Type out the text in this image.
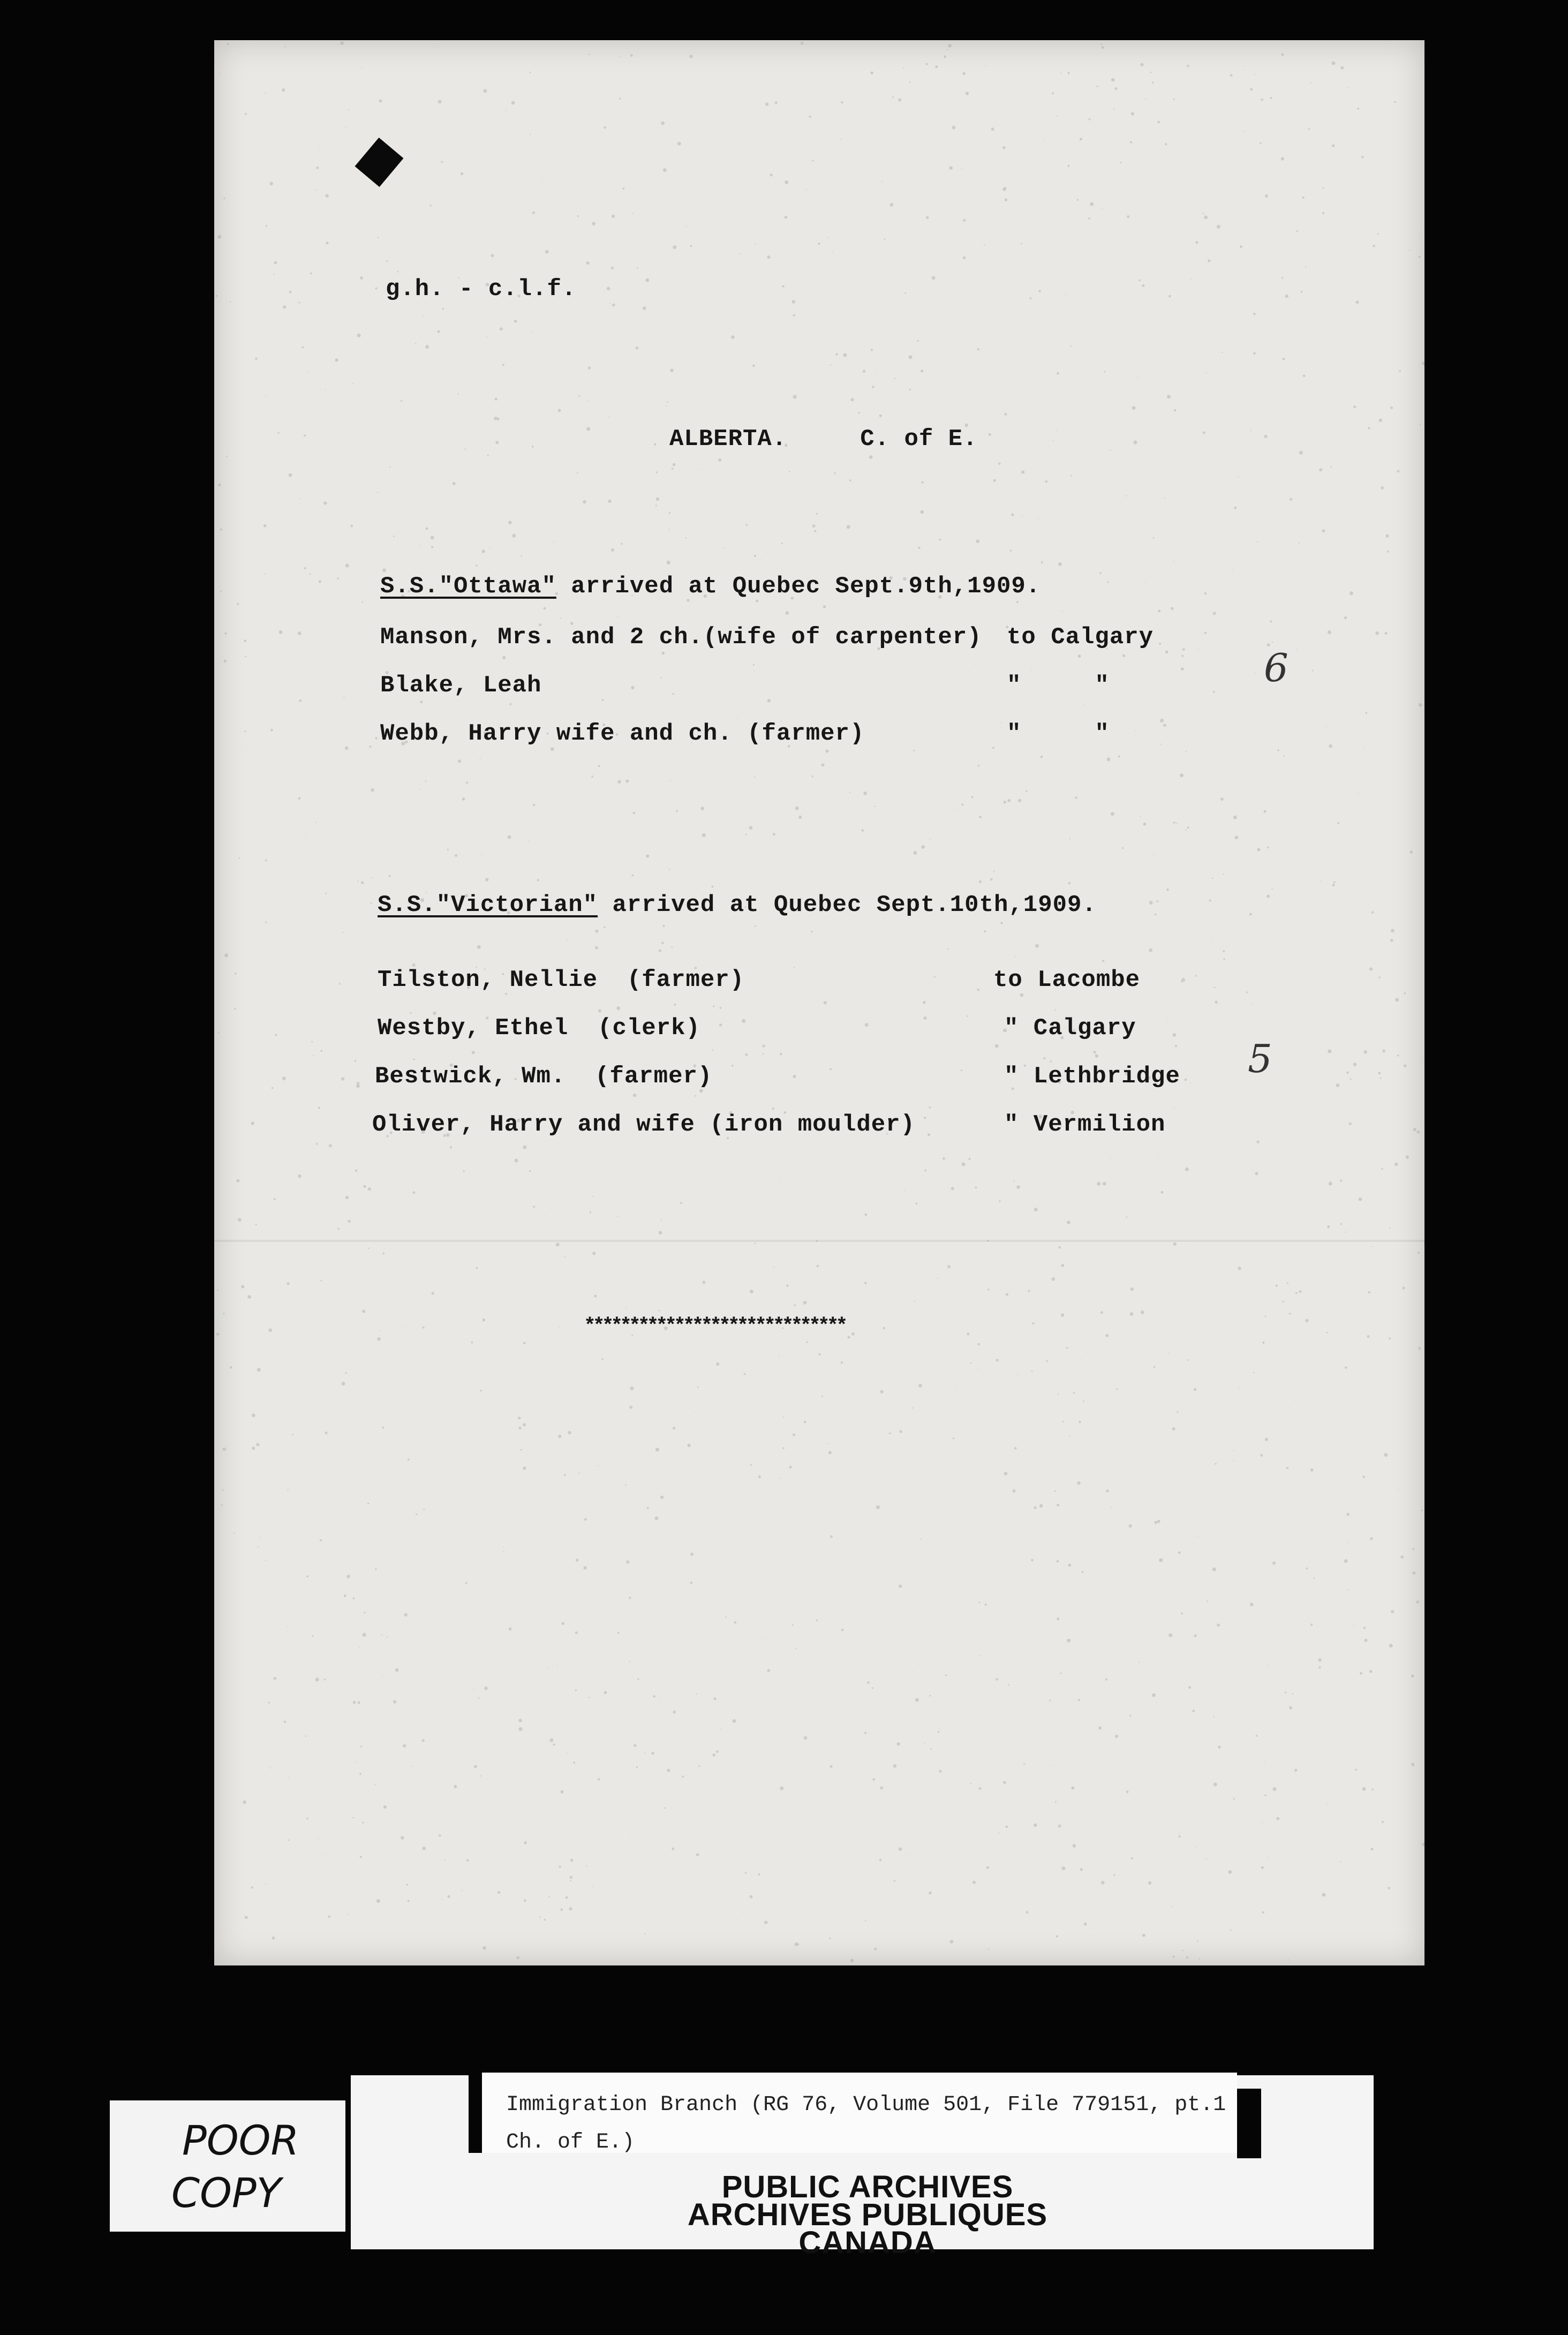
g.h. - c.l.f.
ALBERTA.     C. of E.
S.S."Ottawa" arrived at Quebec Sept.9th,1909.
Manson, Mrs. and 2 ch.(wife of carpenter) to Calgary
Blake, Leah	"     "
Webb, Harry wife and ch. (farmer)	"     "
6
S.S."Victorian" arrived at Quebec Sept.10th,1909.
Tilston, Nellie  (farmer)	to Lacombe
Westby, Ethel  (clerk)	" Calgary
Bestwick, Wm.  (farmer)	" Lethbridge
Oliver, Harry and wife (iron moulder)	" Vermilion
5
*****************************
POOR
COPY
Immigration Branch (RG 76, Volume 501, File 779151, pt.1
Ch. of E.)
PUBLIC ARCHIVES
ARCHIVES PUBLIQUES
CANADA
